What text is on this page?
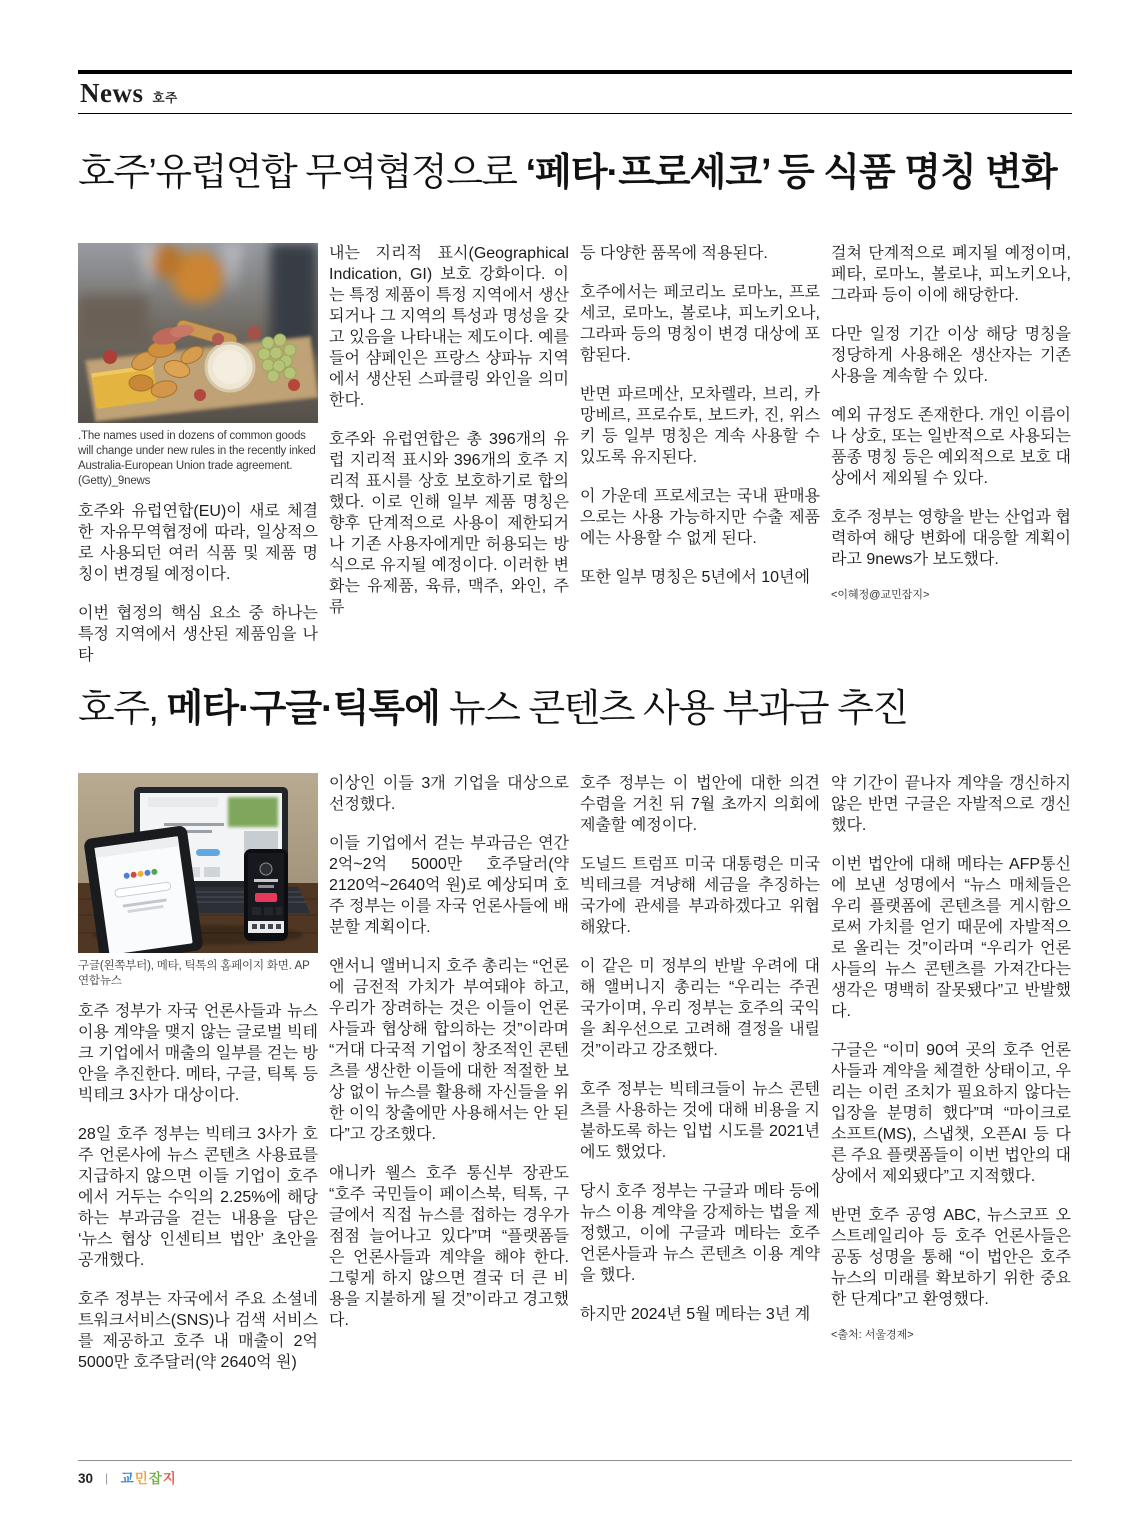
News 호주
호주’유럽연합 무역협정으로 ‘페타·프로세코’ 등 식품 명칭 변화
.The names used in dozens of common goods will change under new rules in the recently inked Australia-European Union trade agreement. (Getty)_9news

호주와 유럽연합(EU)이 새로 체결한 자유무역협정에 따라, 일상적으로 사용되던 여러 식품 및 제품 명칭이 변경될 예정이다.

이번 협정의 핵심 요소 중 하나는 특정 지역에서 생산된 제품임을 나타

내는 지리적 표시(Geographical Indication, GI) 보호 강화이다. 이는 특정 제품이 특정 지역에서 생산되거나 그 지역의 특성과 명성을 갖고 있음을 나타내는 제도이다. 예를 들어 샴페인은 프랑스 샹파뉴 지역에서 생산된 스파클링 와인을 의미한다.

호주와 유럽연합은 총 396개의 유럽 지리적 표시와 396개의 호주 지리적 표시를 상호 보호하기로 합의했다. 이로 인해 일부 제품 명칭은 향후 단계적으로 사용이 제한되거나 기존 사용자에게만 허용되는 방식으로 유지될 예정이다. 이러한 변화는 유제품, 육류, 맥주, 와인, 주류

등 다양한 품목에 적용된다.

호주에서는 페코리노 로마노, 프로세코, 로마노, 볼로냐, 피노키오나, 그라파 등의 명칭이 변경 대상에 포함된다.

반면 파르메산, 모차렐라, 브리, 카망베르, 프로슈토, 보드카, 진, 위스키 등 일부 명칭은 계속 사용할 수 있도록 유지된다.

이 가운데 프로세코는 국내 판매용으로는 사용 가능하지만 수출 제품에는 사용할 수 없게 된다.

또한 일부 명칭은 5년에서 10년에

걸쳐 단계적으로 폐지될 예정이며, 페타, 로마노, 볼로냐, 피노키오나, 그라파 등이 이에 해당한다.

다만 일정 기간 이상 해당 명칭을 정당하게 사용해온 생산자는 기존 사용을 계속할 수 있다.

예외 규정도 존재한다. 개인 이름이나 상호, 또는 일반적으로 사용되는 품종 명칭 등은 예외적으로 보호 대상에서 제외될 수 있다.

호주 정부는 영향을 받는 산업과 협력하여 해당 변화에 대응할 계획이라고 9news가 보도했다.

<이혜정@교민잡지>
호주, 메타·구글·틱톡에 뉴스 콘텐츠 사용 부과금 추진
구글(왼쪽부터), 메타, 틱톡의 홈페이지 화면. AP연합뉴스

호주 정부가 자국 언론사들과 뉴스 이용 계약을 맺지 않는 글로벌 빅테크 기업에서 매출의 일부를 걷는 방안을 추진한다. 메타, 구글, 틱톡 등 빅테크 3사가 대상이다.

28일 호주 정부는 빅테크 3사가 호주 언론사에 뉴스 콘텐츠 사용료를 지급하지 않으면 이들 기업이 호주에서 거두는 수익의 2.25%에 해당하는 부과금을 걷는 내용을 담은 ‘뉴스 협상 인센티브 법안’ 초안을 공개했다.

호주 정부는 자국에서 주요 소셜네트워크서비스(SNS)나 검색 서비스를 제공하고 호주 내 매출이 2억 5000만 호주달러(약 2640억 원)

이상인 이들 3개 기업을 대상으로 선정했다.

이들 기업에서 걷는 부과금은 연간 2억~2억 5000만 호주달러(약 2120억~2640억 원)로 예상되며 호주 정부는 이를 자국 언론사들에 배분할 계획이다.

앤서니 앨버니지 호주 총리는 “언론에 금전적 가치가 부여돼야 하고, 우리가 장려하는 것은 이들이 언론사들과 협상해 합의하는 것”이라며 “거대 다국적 기업이 창조적인 콘텐츠를 생산한 이들에 대한 적절한 보상 없이 뉴스를 활용해 자신들을 위한 이익 창출에만 사용해서는 안 된다”고 강조했다.

애니카 웰스 호주 통신부 장관도 “호주 국민들이 페이스북, 틱톡, 구글에서 직접 뉴스를 접하는 경우가 점점 늘어나고 있다”며 “플랫폼들은 언론사들과 계약을 해야 한다. 그렇게 하지 않으면 결국 더 큰 비용을 지불하게 될 것”이라고 경고했다.

호주 정부는 이 법안에 대한 의견 수렴을 거친 뒤 7월 초까지 의회에 제출할 예정이다.

도널드 트럼프 미국 대통령은 미국 빅테크를 겨냥해 세금을 추징하는 국가에 관세를 부과하겠다고 위협해왔다.

이 같은 미 정부의 반발 우려에 대해 앨버니지 총리는 “우리는 주권 국가이며, 우리 정부는 호주의 국익을 최우선으로 고려해 결정을 내릴 것”이라고 강조했다.

호주 정부는 빅테크들이 뉴스 콘텐츠를 사용하는 것에 대해 비용을 지불하도록 하는 입법 시도를 2021년에도 했었다.

당시 호주 정부는 구글과 메타 등에 뉴스 이용 계약을 강제하는 법을 제정했고, 이에 구글과 메타는 호주 언론사들과 뉴스 콘텐츠 이용 계약을 했다.

하지만 2024년 5월 메타는 3년 계

약 기간이 끝나자 계약을 갱신하지 않은 반면 구글은 자발적으로 갱신했다.

이번 법안에 대해 메타는 AFP통신에 보낸 성명에서 “뉴스 매체들은 우리 플랫폼에 콘텐츠를 게시함으로써 가치를 얻기 때문에 자발적으로 올리는 것”이라며 “우리가 언론사들의 뉴스 콘텐츠를 가져간다는 생각은 명백히 잘못됐다”고 반발했다.

구글은 “이미 90여 곳의 호주 언론사들과 계약을 체결한 상태이고, 우리는 이런 조치가 필요하지 않다는 입장을 분명히 했다”며 “마이크로소프트(MS), 스냅챗, 오픈AI 등 다른 주요 플랫폼들이 이번 법안의 대상에서 제외됐다”고 지적했다.

반면 호주 공영 ABC, 뉴스코프 오스트레일리아 등 호주 언론사들은 공동 성명을 통해 “이 법안은 호주 뉴스의 미래를 확보하기 위한 중요한 단계다”고 환영했다.

<출처: 서울경제>
30 | 교민잡지
